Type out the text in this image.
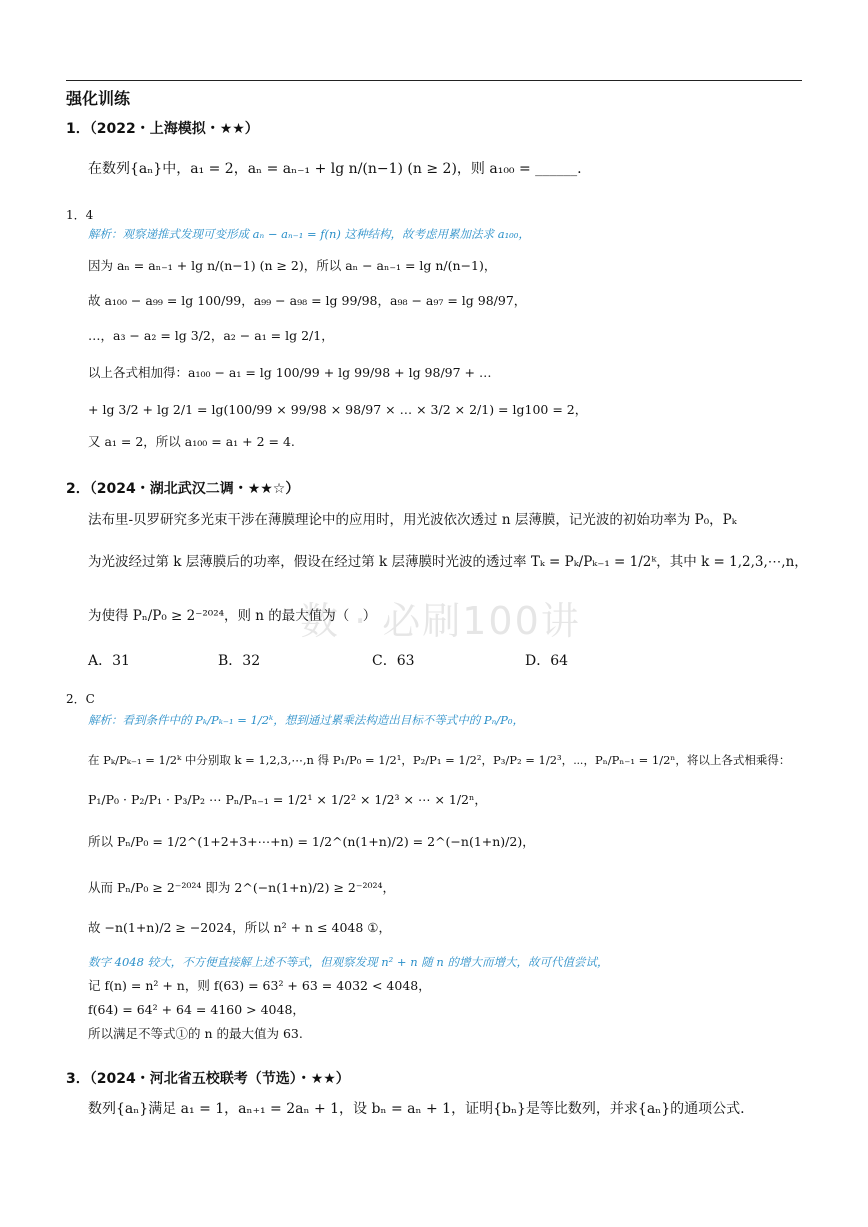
强化训练
数 · 必刷100讲
1．（2022・上海模拟・★★）
在数列{aₙ}中，a₁ = 2，aₙ = aₙ₋₁ + lg n/(n−1) (n ≥ 2)，则 a₁₀₀ = ______.
1．4
解析：观察递推式发现可变形成 aₙ − aₙ₋₁ = f(n) 这种结构，故考虑用累加法求 a₁₀₀，
因为 aₙ = aₙ₋₁ + lg n/(n−1) (n ≥ 2)，所以 aₙ − aₙ₋₁ = lg n/(n−1)，
故 a₁₀₀ − a₉₉ = lg 100/99，a₉₉ − a₉₈ = lg 99/98，a₉₈ − a₉₇ = lg 98/97，
…，a₃ − a₂ = lg 3/2，a₂ − a₁ = lg 2/1，
以上各式相加得：a₁₀₀ − a₁ = lg 100/99 + lg 99/98 + lg 98/97 + …
+ lg 3/2 + lg 2/1 = lg(100/99 × 99/98 × 98/97 × … × 3/2 × 2/1) = lg100 = 2，
又 a₁ = 2，所以 a₁₀₀ = a₁ + 2 = 4.
2．（2024・湖北武汉二调・★★☆）
法布里-贝罗研究多光束干涉在薄膜理论中的应用时，用光波依次透过 n 层薄膜，记光波的初始功率为 P₀，Pₖ
为光波经过第 k 层薄膜后的功率，假设在经过第 k 层薄膜时光波的透过率 Tₖ = Pₖ/Pₖ₋₁ = 1/2ᵏ，其中 k = 1,2,3,⋯,n，
为使得 Pₙ/P₀ ≥ 2⁻²⁰²⁴，则 n 的最大值为（　）
A．31	B．32	C．63	D．64
2．C
解析：看到条件中的 Pₖ/Pₖ₋₁ = 1/2ᵏ，想到通过累乘法构造出目标不等式中的 Pₙ/P₀，
在 Pₖ/Pₖ₋₁ = 1/2ᵏ 中分别取 k = 1,2,3,⋯,n 得 P₁/P₀ = 1/2¹，P₂/P₁ = 1/2²，P₃/P₂ = 1/2³，⋯，Pₙ/Pₙ₋₁ = 1/2ⁿ，将以上各式相乘得：
P₁/P₀ · P₂/P₁ · P₃/P₂ ⋯ Pₙ/Pₙ₋₁ = 1/2¹ × 1/2² × 1/2³ × ⋯ × 1/2ⁿ，
所以 Pₙ/P₀ = 1/2^(1+2+3+⋯+n) = 1/2^(n(1+n)/2) = 2^(−n(1+n)/2)，
从而 Pₙ/P₀ ≥ 2⁻²⁰²⁴ 即为 2^(−n(1+n)/2) ≥ 2⁻²⁰²⁴，
故 −n(1+n)/2 ≥ −2024，所以 n² + n ≤ 4048 ①，
数字 4048 较大，不方便直接解上述不等式，但观察发现 n² + n 随 n 的增大而增大，故可代值尝试，
记 f(n) = n² + n，则 f(63) = 63² + 63 = 4032 < 4048，
f(64) = 64² + 64 = 4160 > 4048，
所以满足不等式①的 n 的最大值为 63.
3．（2024・河北省五校联考（节选）・★★）
数列{aₙ}满足 a₁ = 1，aₙ₊₁ = 2aₙ + 1，设 bₙ = aₙ + 1，证明{bₙ}是等比数列，并求{aₙ}的通项公式.
